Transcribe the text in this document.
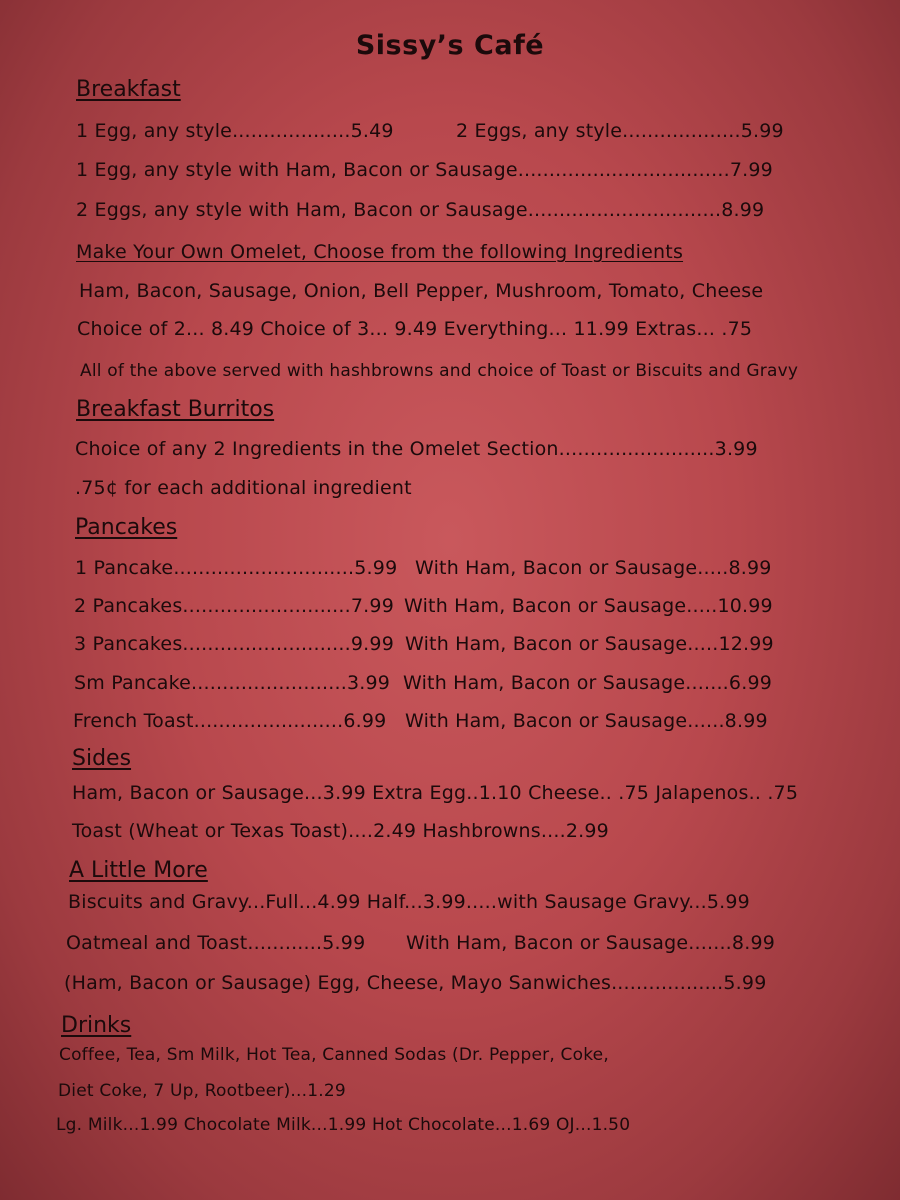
Sissy’s Café
Breakfast
1 Egg, any style...................5.49	2 Eggs, any style...................5.99
1 Egg, any style with Ham, Bacon or Sausage..................................7.99
2 Eggs, any style with Ham, Bacon or Sausage...............................8.99
Make Your Own Omelet, Choose from the following Ingredients
Ham, Bacon, Sausage, Onion, Bell Pepper, Mushroom, Tomato, Cheese
Choice of 2... 8.49 Choice of 3... 9.49 Everything... 11.99 Extras... .75
All of the above served with hashbrowns and choice of Toast or Biscuits and Gravy
Breakfast Burritos
Choice of any 2 Ingredients in the Omelet Section.........................3.99
.75¢ for each additional ingredient
Pancakes
1 Pancake.............................5.99 With Ham, Bacon or Sausage.....8.99
2 Pancakes...........................7.99 With Ham, Bacon or Sausage.....10.99
3 Pancakes...........................9.99 With Ham, Bacon or Sausage.....12.99
Sm Pancake.........................3.99 With Ham, Bacon or Sausage.......6.99
French Toast........................6.99 With Ham, Bacon or Sausage......8.99
Sides
Ham, Bacon or Sausage...3.99 Extra Egg..1.10 Cheese.. .75 Jalapenos.. .75
Toast (Wheat or Texas Toast)....2.49 Hashbrowns....2.99
A Little More
Biscuits and Gravy...Full...4.99 Half...3.99.....with Sausage Gravy...5.99
Oatmeal and Toast............5.99 With Ham, Bacon or Sausage.......8.99
(Ham, Bacon or Sausage) Egg, Cheese, Mayo Sanwiches..................5.99
Drinks
Coffee, Tea, Sm Milk, Hot Tea, Canned Sodas (Dr. Pepper, Coke,
Diet Coke, 7 Up, Rootbeer)...1.29
Lg. Milk...1.99 Chocolate Milk...1.99 Hot Chocolate...1.69 OJ...1.50
